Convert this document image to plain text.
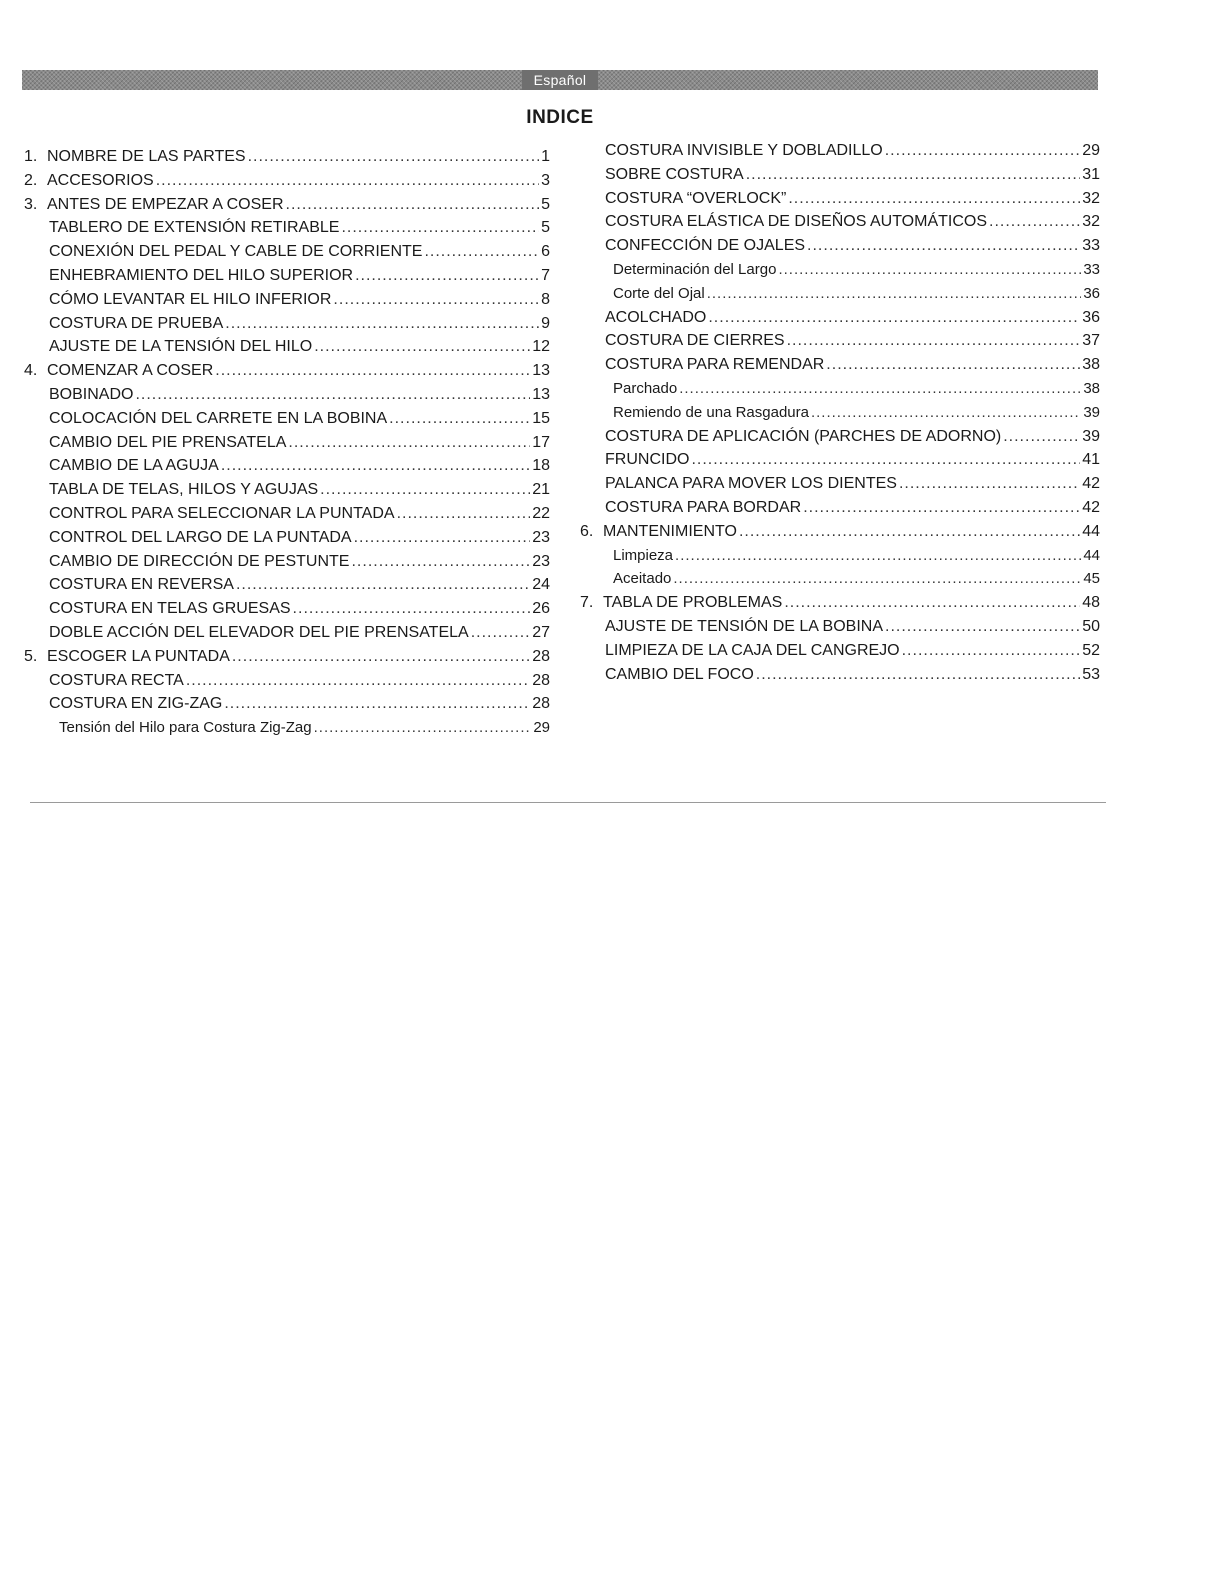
Español
INDICE
1. NOMBRE DE LAS PARTES .....	1
2. ACCESORIOS .....	3
3. ANTES DE EMPEZAR A COSER .....	5
TABLERO DE EXTENSIÓN RETIRABLE .....	5
CONEXIÓN DEL PEDAL Y CABLE DE CORRIENTE .....	6
ENHEBRAMIENTO DEL HILO SUPERIOR .....	7
CÓMO LEVANTAR EL HILO INFERIOR .....	8
COSTURA DE PRUEBA .....	9
AJUSTE DE LA TENSIÓN DEL HILO .....	12
4. COMENZAR A COSER .....	13
BOBINADO .....	13
COLOCACIÓN DEL CARRETE EN LA BOBINA .....	15
CAMBIO DEL PIE PRENSATELA .....	17
CAMBIO DE LA AGUJA .....	18
TABLA DE TELAS, HILOS Y AGUJAS .....	21
CONTROL PARA SELECCIONAR LA PUNTADA .....	22
CONTROL DEL LARGO DE LA PUNTADA .....	23
CAMBIO DE DIRECCIÓN DE PESTUNTE .....	23
COSTURA EN REVERSA .....	24
COSTURA EN TELAS GRUESAS .....	26
DOBLE ACCIÓN DEL ELEVADOR DEL PIE PRENSATELA .....	27
5. ESCOGER LA PUNTADA .....	28
COSTURA RECTA .....	28
COSTURA EN ZIG-ZAG .....	28
Tensión del Hilo para Costura Zig-Zag .....	29
COSTURA INVISIBLE Y DOBLADILLO .....	29
SOBRE COSTURA .....	31
COSTURA “OVERLOCK” .....	32
COSTURA ELÁSTICA DE DISEÑOS AUTOMÁTICOS .....	32
CONFECCIÓN DE OJALES .....	33
Determinación del Largo .....	33
Corte del Ojal .....	36
ACOLCHADO .....	36
COSTURA DE CIERRES .....	37
COSTURA PARA REMENDAR .....	38
Parchado .....	38
Remiendo de una Rasgadura .....	39
COSTURA DE APLICACIÓN (PARCHES DE ADORNO) .....	39
FRUNCIDO .....	41
PALANCA PARA MOVER LOS DIENTES .....	42
COSTURA PARA BORDAR .....	42
6. MANTENIMIENTO .....	44
Limpieza .....	44
Aceitado .....	45
7. TABLA DE PROBLEMAS .....	48
AJUSTE DE TENSIÓN DE LA BOBINA .....	50
LIMPIEZA DE LA CAJA DEL CANGREJO .....	52
CAMBIO DEL FOCO .....	53
